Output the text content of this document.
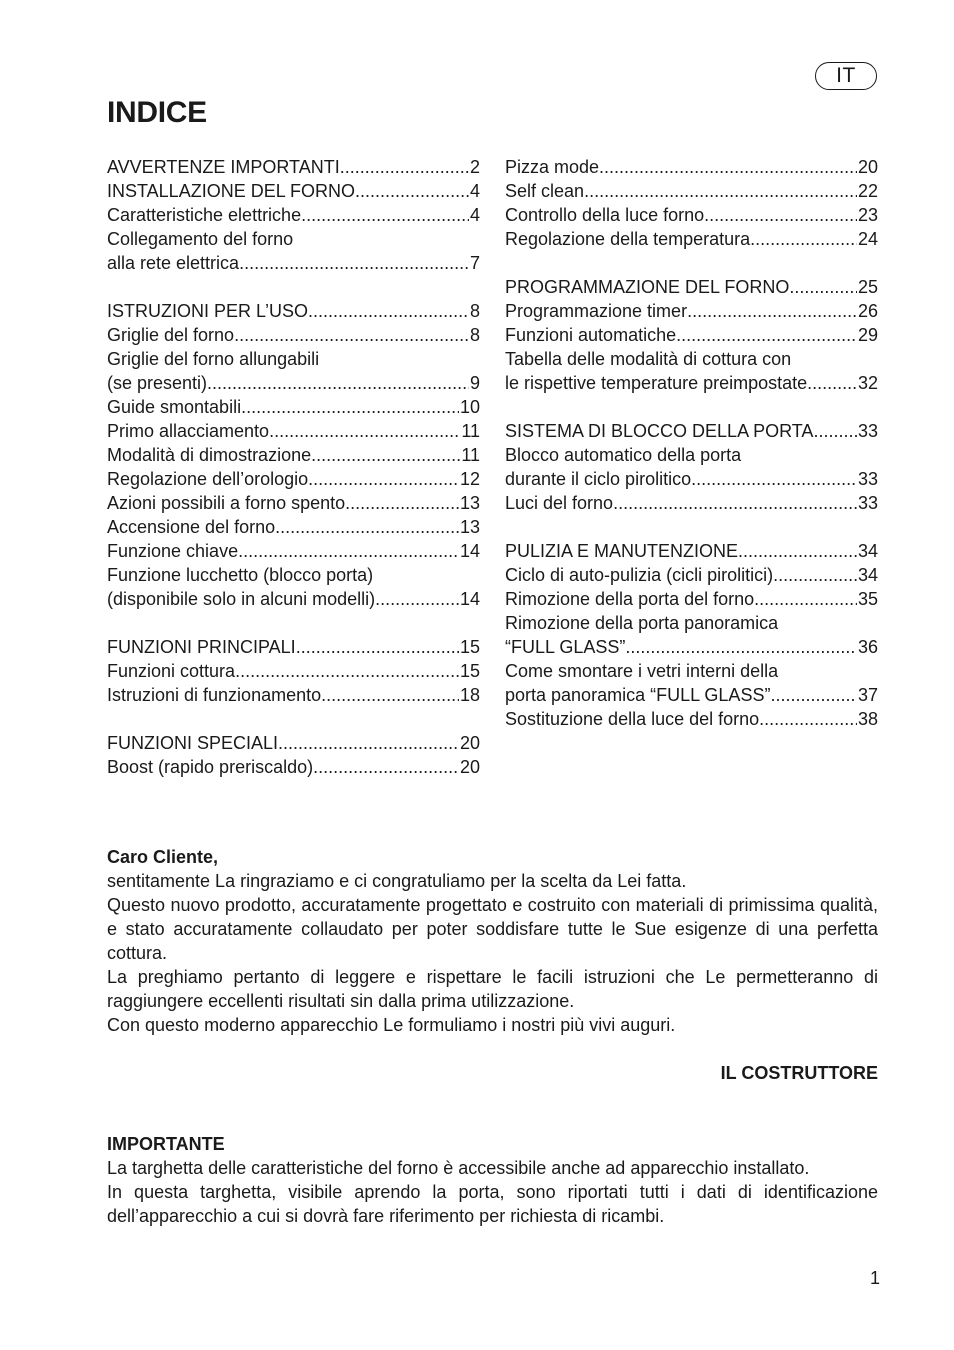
IT
INDICE
AVVERTENZE IMPORTANTI .....	2
INSTALLAZIONE DEL FORNO .....	4
Caratteristiche elettriche .....	4
Collegamento del forno
alla rete elettrica .....	7
ISTRUZIONI PER L’USO .....	8
Griglie del forno .....	8
Griglie del forno allungabili
(se presenti) .....	9
Guide smontabili .....	10
Primo allacciamento .....	11
Modalità di dimostrazione .....	11
Regolazione dell’orologio .....	12
Azioni possibili a forno spento .....	13
Accensione del forno .....	13
Funzione chiave .....	14
Funzione lucchetto (blocco porta)
(disponibile solo in alcuni modelli) .....	14
FUNZIONI PRINCIPALI .....	15
Funzioni cottura .....	15
Istruzioni di funzionamento .....	18
FUNZIONI SPECIALI .....	20
Boost (rapido preriscaldo) .....	20
Pizza mode .....	20
Self clean .....	22
Controllo della luce forno .....	23
Regolazione della temperatura .....	24
PROGRAMMAZIONE DEL FORNO .....	25
Programmazione timer .....	26
Funzioni automatiche .....	29
Tabella delle modalità di cottura con
le rispettive temperature preimpostate .....	32
SISTEMA DI BLOCCO DELLA PORTA ..... 33
Blocco automatico della porta
durante il ciclo pirolitico .....	33
Luci del forno .....	33
PULIZIA E MANUTENZIONE .....	34
Ciclo di auto-pulizia (cicli pirolitici) .....	34
Rimozione della porta del forno .....	35
Rimozione della porta panoramica
“FULL GLASS” .....	36
Come smontare i vetri interni della
porta panoramica “FULL GLASS” .....	37
Sostituzione della luce del forno .....	38

Caro Cliente,

sentitamente La ringraziamo e ci congratuliamo per la scelta da Lei fatta.

Questo nuovo prodotto, accuratamente progettato e costruito con materiali di primissima qualità, e stato accuratamente collaudato per poter soddisfare tutte le Sue esigenze di una perfetta cottura.

La preghiamo pertanto di leggere e rispettare le facili istruzioni che Le permetteranno di raggiungere eccellenti risultati sin dalla prima utilizzazione.

Con questo moderno apparecchio Le formuliamo i nostri più vivi auguri.

IL COSTRUTTORE

IMPORTANTE

La targhetta delle caratteristiche del forno è accessibile anche ad apparecchio installato.

In questa targhetta, visibile aprendo la porta, sono riportati tutti i dati di identificazione dell’apparecchio a cui si dovrà fare riferimento per richiesta di ricambi.

1
